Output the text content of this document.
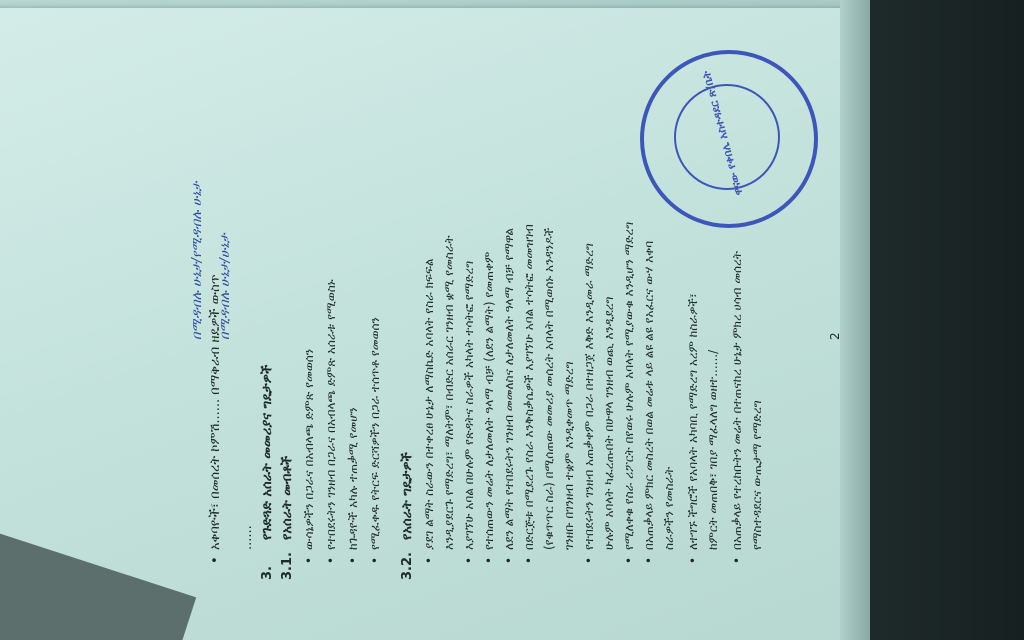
• አቀባዮች፣ በመሰረት ኮምሽ...... በማቅራብ ዘዴዎች ውስጥ
በሚዳብሉ ሁኔታ/የሚዳብሉ ሁኔታ በሚዳብሉ ሁኔታ/ሁኔታ
......
3.
የጉድጓድ አሰራት መመሪያና ግዴታዎች
3.1.
የአሰራት መብቶች • ውሳኔዎችን በጋራና በአብላጫ ድምጽ የመወሰን • የተበደሩትን ገንዘብ በጋራና በአብላጫ ድምጽ አሰራቱ የሚወስኑ • ከጉዳዮች አካሉ ተጠቃሚ የመሆን • የሚፈቀዱ የትርፍ ድርሻዎችን በጋራ ተሰጥቶ የመወሰን
3.2.
የአሰራት ግዴታዎች • ያደገ ልማት ስራውን በተቀረፀ ሁኔታ ለማስኬድ አባላት የስራ ክፍፍል እንዲያደርጉ የማድረግ፣ ማለትም፣ በብድር አሰራር ገንዘብ ቋሚ የመስራት • እያገኘሁ አባል በሁሉም የጽዳትና ስራዎች አካላት ተሳትፎ የማድረግ • የተሰጠውን መሬት ለታለመለት ዓላማ ብቻ (ለደን ልማት) የመጠቀም • ለደን ልማት የተበደሩትን ገንዘብ መመለስና ለታለመለት ዓላማ ብቻ የማዋል • በድርጅቱ በሚደረጉ የስራ እንቅስቃሴዎች እያገኘሁ አባል ተሳትፎ መመዝገብ (የቁጥጥር ስራ) በሚሰጠው መመሪያ መሰረት አባላት በሚወሰኑ አንዳንዶች ገንዘቡ በገንዘብ ተቋም እንዲቀመጥ ማድረግ • የተበደሩትን ገንዘብ አጠቃቀም በጋራ በተዘጋጀ እቅድ እንዲመራ ማድረግ ሁሉም አባላት ካፈረጡበት በሁዋላ ገንዘብ ወጪ እንዲደረግ • የሚለቀቁ የስራ ሪፖርት በየወሩ ሁሉም አባላት የሚያውቁ እንዲሆን ማድረግ • በአጠቃላይ ምክር መስረት በወል መሬቱ ላይ ልዩ ልዩ የአፈርና ውሃ እቀባ ስራዎችን የመስራት • ለተገኙ ችግሮች የአባላት አካባቢ የማድረግ አረም ከስራዎች፣ ከምርት መጠበቅ፣ ገበያ ማፈላለግ ወዘተ....../ • በአጠቃላይ የተረከቡትን መሬት በተጠናከረ ሁኔታ ምክረ ሀሳብ መሰረት የማስተዳደርና ውጤታማ የማድረግ
2
ዋናው የቀበሌ አስተዳደር ጽ/ቤት
